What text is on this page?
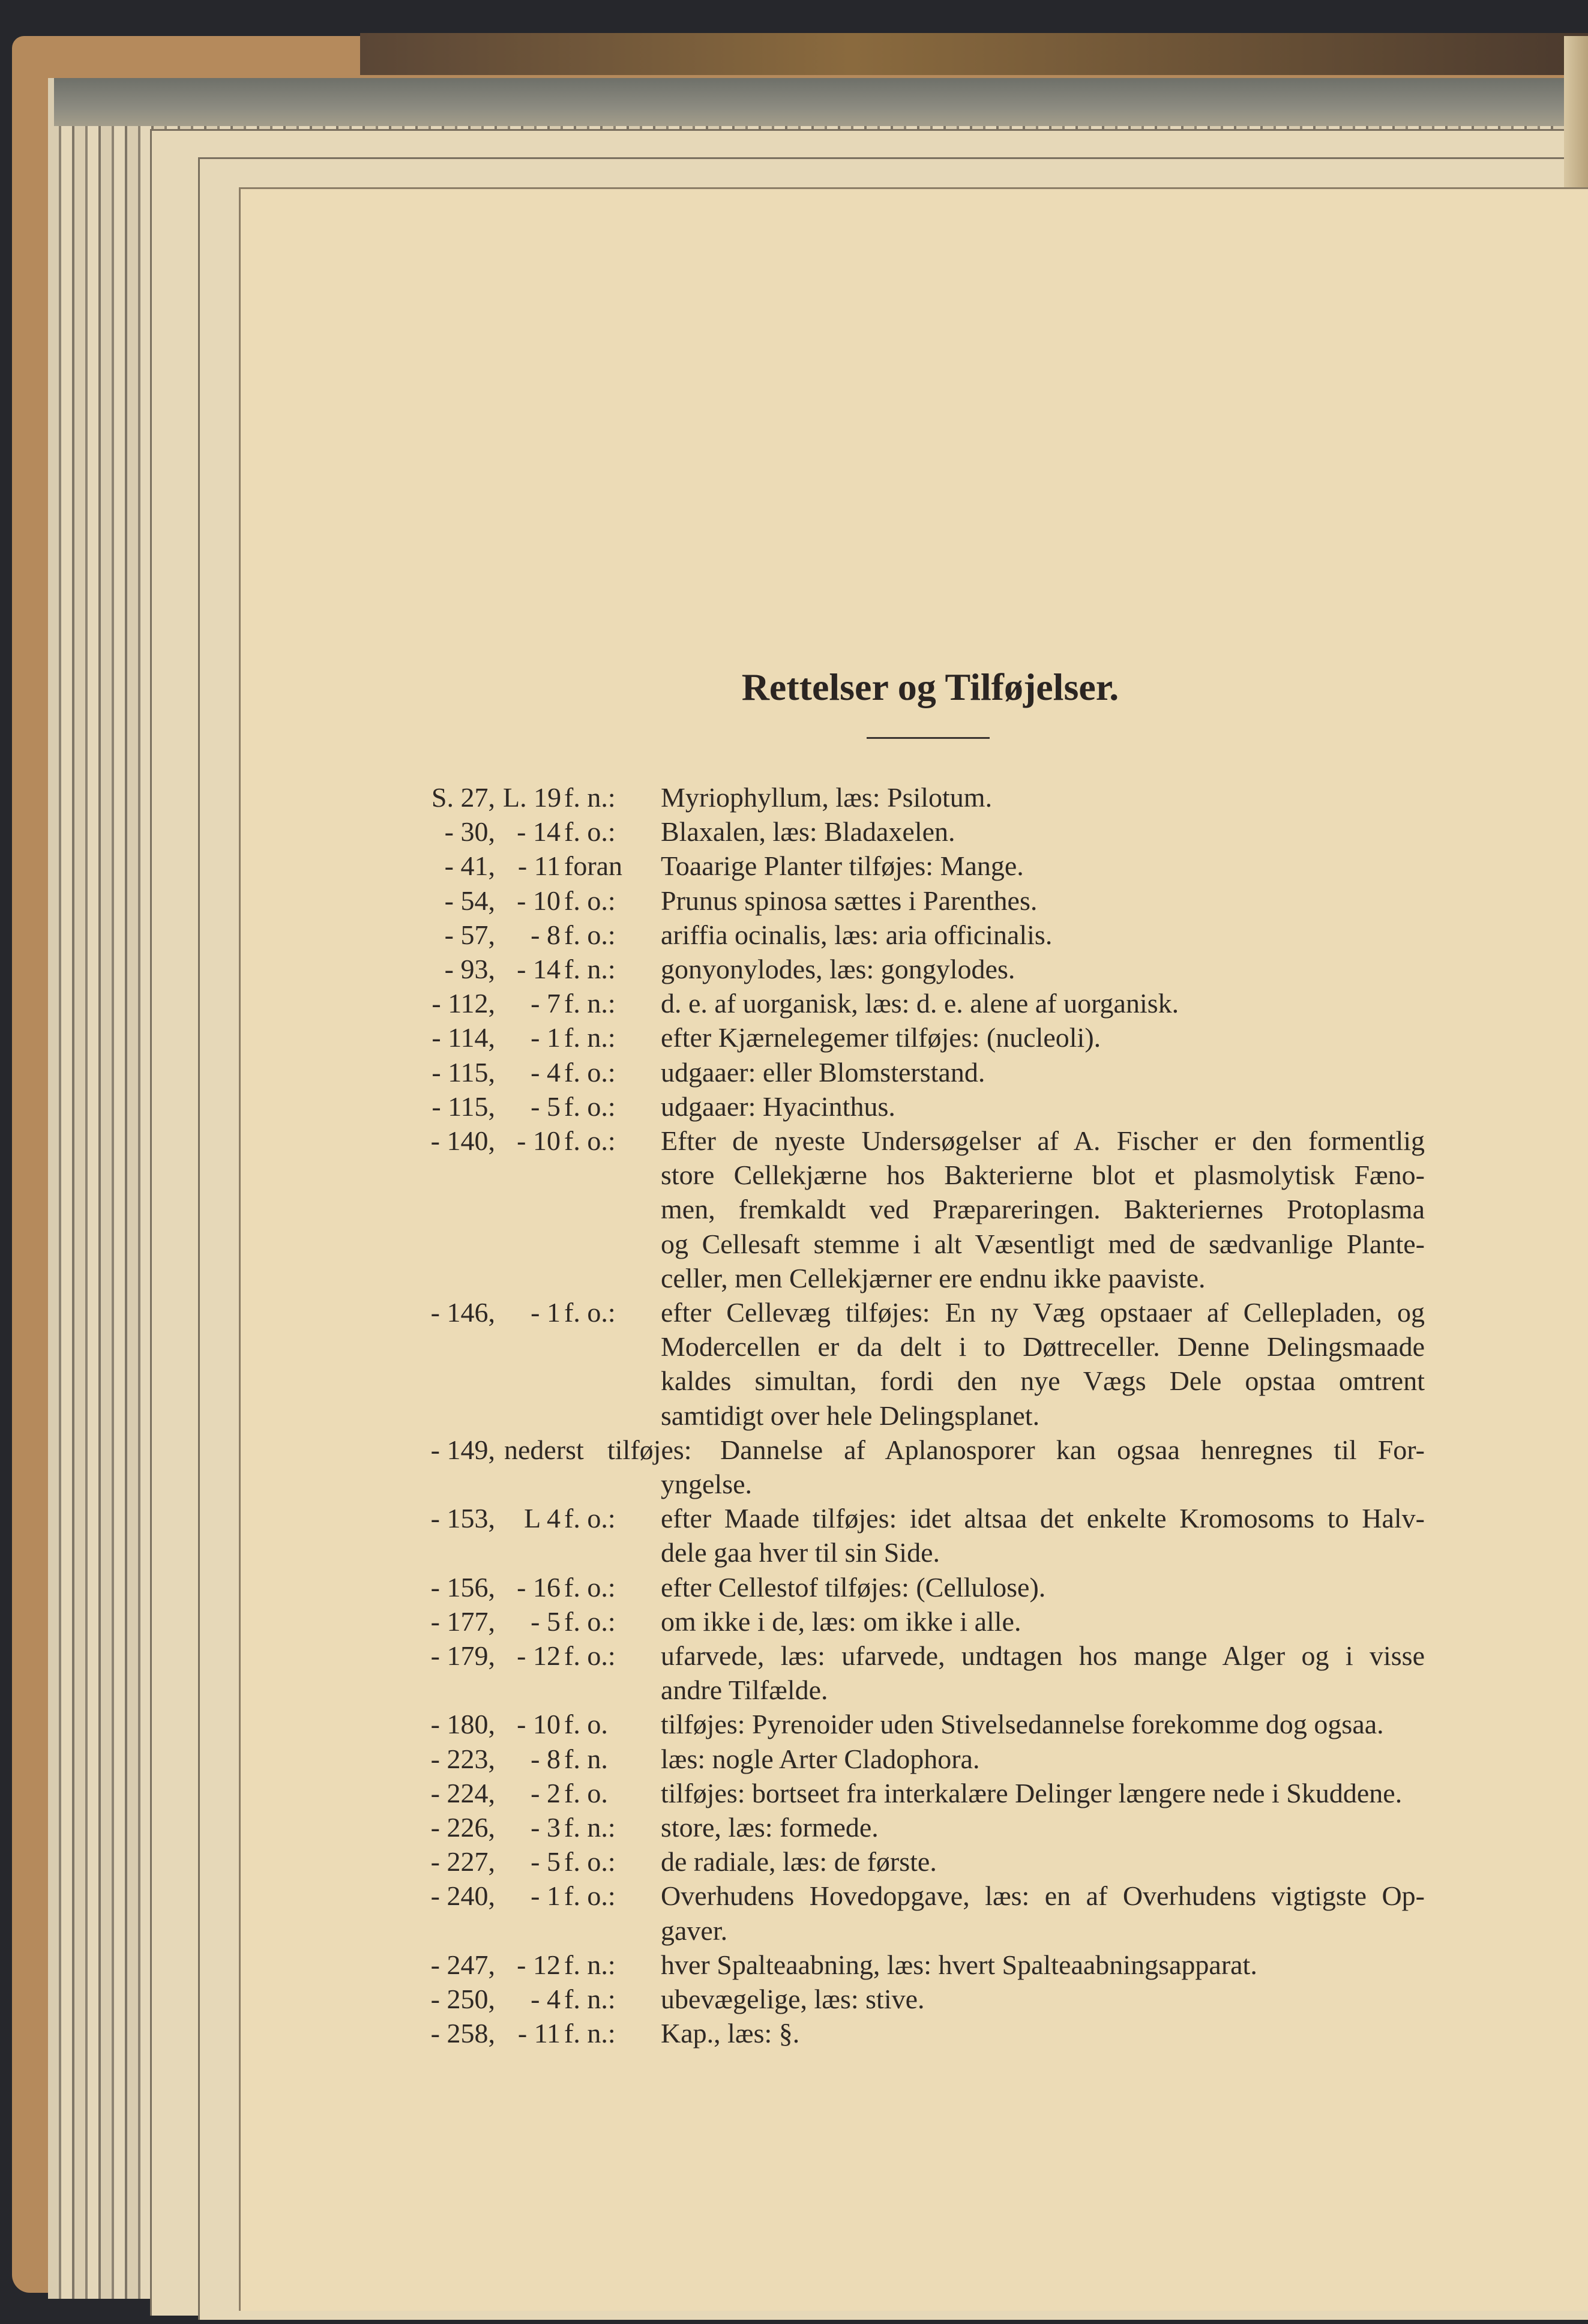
Rettelser og Tilføjelser.
S. 27, L. 19 f. n.:	Myriophyllum, læs: Psilotum.
- 30, - 14 f. o.:	Blaxalen, læs: Bladaxelen.
- 41, - 11 foran	Toaarige Planter tilføjes: Mange.
- 54, - 10 f. o.:	Prunus spinosa sættes i Parenthes.
- 57,	- 8 f. o.:	ariffia ocinalis, læs: aria officinalis.
- 93, - 14 f. n.:	gonyonylodes, læs: gongylodes.
- 112,	- 7 f. n.:	d. e. af uorganisk, læs: d. e. alene af uorganisk.
- 114,	- 1 f. n.:	efter Kjærnelegemer tilføjes: (nucleoli).
- 115,	- 4 f. o.:	udgaaer: eller Blomsterstand.
- 115,	- 5 f. o.:	udgaaer: Hyacinthus.
- 140, - 10 f. o.:	Efter de nyeste Undersøgelser af A. Fischer er den formentlig
store Cellekjærne hos Bakterierne blot et plasmolytisk Fæno-
men, fremkaldt ved Præpareringen. Bakteriernes Protoplasma
og Cellesaft stemme i alt Væsentligt med de sædvanlige Plante-
celler, men Cellekjærner ere endnu ikke paaviste.
- 146,	- 1 f. o.:	efter Cellevæg tilføjes: En ny Væg opstaaer af Cellepladen, og
Modercellen er da delt i to Døttreceller. Denne Delingsmaade
kaldes simultan, fordi den nye Vægs Dele opstaa omtrent
samtidigt over hele Delingsplanet.
- 149, nederst tilføjes:	Dannelse af Aplanosporer kan ogsaa henregnes til For-
yngelse.
- 153,	L 4 f. o.:	efter Maade tilføjes: idet altsaa det enkelte Kromosoms to Halv-
dele gaa hver til sin Side.
- 156, - 16 f. o.:	efter Cellestof tilføjes: (Cellulose).
- 177,	- 5 f. o.:	om ikke i de, læs: om ikke i alle.
- 179, - 12 f. o.:	ufarvede, læs: ufarvede, undtagen hos mange Alger og i visse
andre Tilfælde.
- 180, - 10 f. o.	tilføjes: Pyrenoider uden Stivelsedannelse forekomme dog ogsaa.
- 223,	- 8 f. n.	læs: nogle Arter Cladophora.
- 224,	- 2 f. o.	tilføjes: bortseet fra interkalære Delinger længere nede i Skuddene.
- 226,	- 3 f. n.:	store, læs: formede.
- 227,	- 5 f. o.:	de radiale, læs: de første.
- 240,	- 1 f. o.:	Overhudens Hovedopgave, læs: en af Overhudens vigtigste Op-
gaver.
- 247, - 12 f. n.:	hver Spalteaabning, læs: hvert Spalteaabningsapparat.
- 250,	- 4 f. n.:	ubevægelige, læs: stive.
- 258, - 11 f. n.:	Kap., læs: §.
